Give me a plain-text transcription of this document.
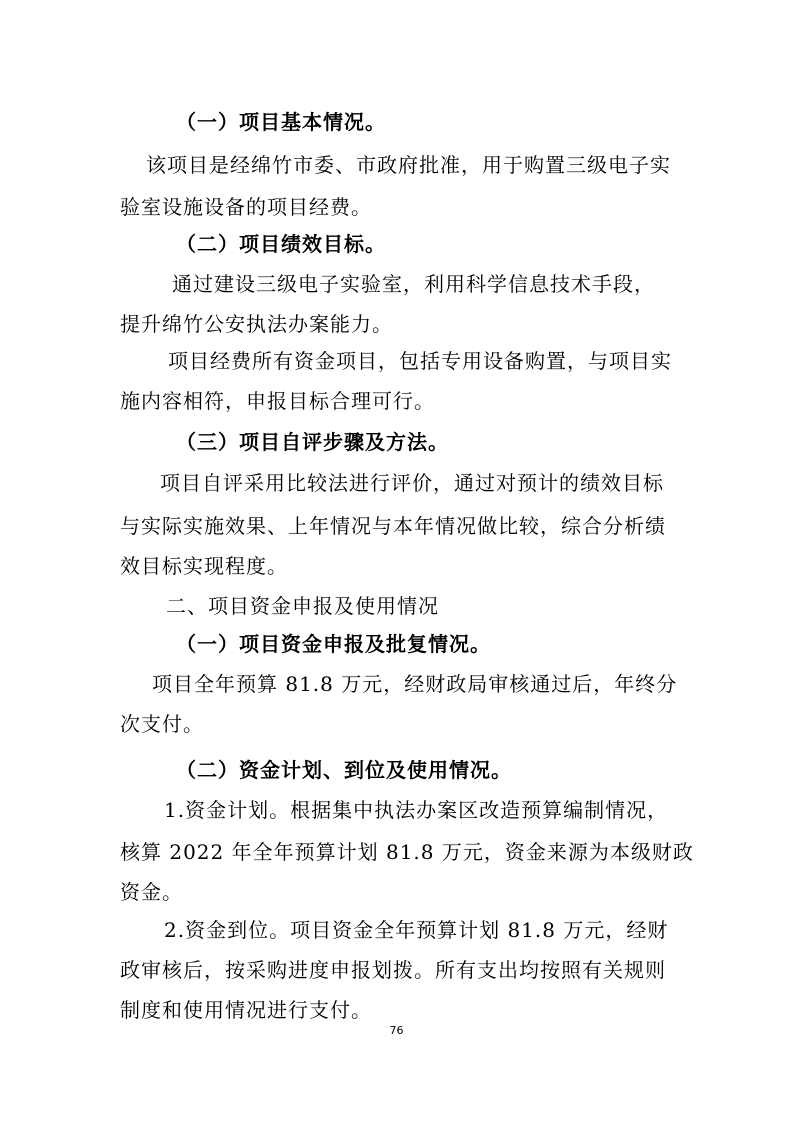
（一）项目基本情况。
该项目是经绵竹市委、市政府批准，用于购置三级电子实
验室设施设备的项目经费。
（二）项目绩效目标。
通过建设三级电子实验室，利用科学信息技术手段，
提升绵竹公安执法办案能力。
项目经费所有资金项目，包括专用设备购置，与项目实
施内容相符，申报目标合理可行。
（三）项目自评步骤及方法。
项目自评采用比较法进行评价，通过对预计的绩效目标
与实际实施效果、上年情况与本年情况做比较，综合分析绩
效目标实现程度。
二、项目资金申报及使用情况
（一）项目资金申报及批复情况。
项目全年预算 81.8 万元，经财政局审核通过后，年终分
次支付。
（二）资金计划、到位及使用情况。
1.资金计划。根据集中执法办案区改造预算编制情况，
核算 2022 年全年预算计划 81.8 万元，资金来源为本级财政
资金。
2.资金到位。项目资金全年预算计划 81.8 万元，经财
政审核后，按采购进度申报划拨。所有支出均按照有关规则
制度和使用情况进行支付。
76
